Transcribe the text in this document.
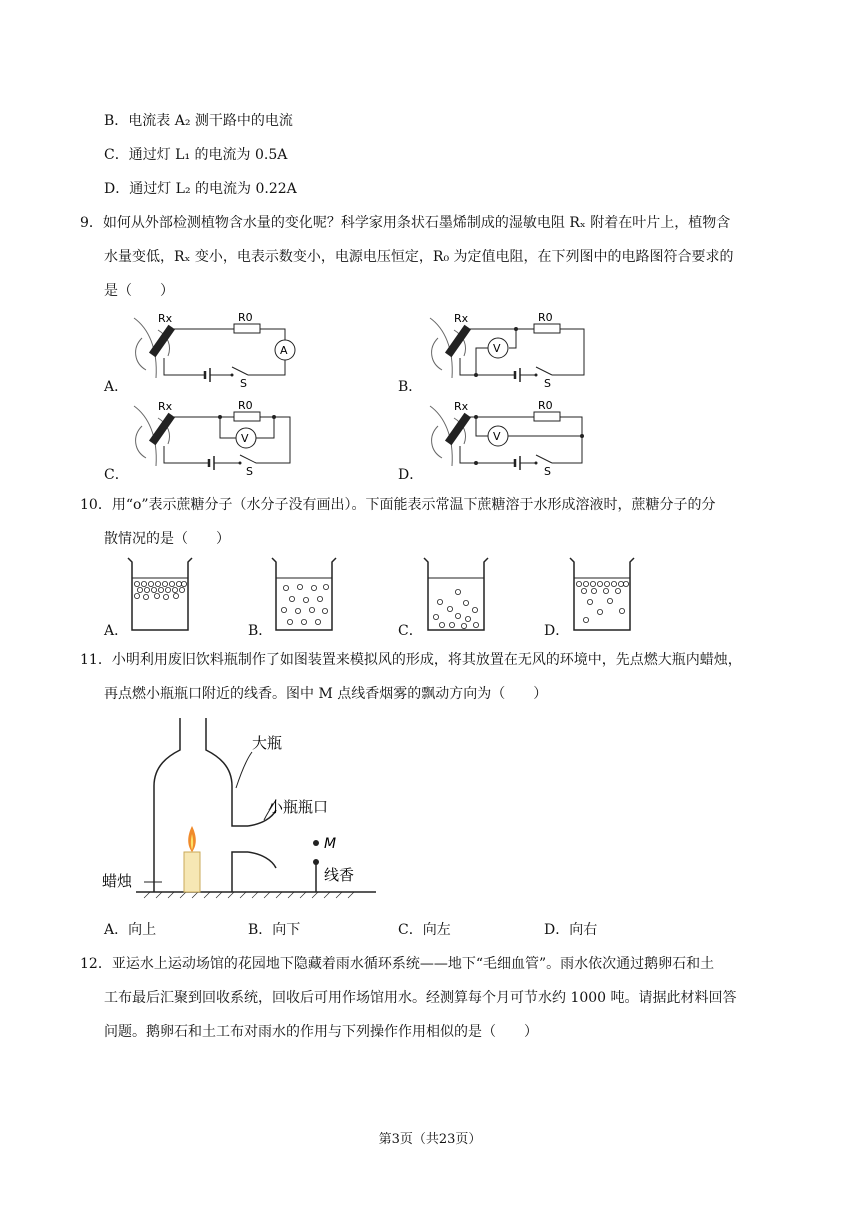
B．电流表 A₂ 测干路中的电流
C．通过灯 L₁ 的电流为 0.5A
D．通过灯 L₂ 的电流为 0.22A
9．如何从外部检测植物含水量的变化呢？科学家用条状石墨烯制成的湿敏电阻 Rₓ 附着在叶片上，植物含
水量变低，Rₓ 变小，电表示数变小，电源电压恒定，R₀ 为定值电阻，在下列图中的电路图符合要求的
是（　　）
A．
Rx	R0
A
S	B．
Rx	R0
V
S
C．
Rx	R0
V
S	D．
Rx	R0
V
S
10．用“o”表示蔗糖分子（水分子没有画出）。下面能表示常温下蔗糖溶于水形成溶液时，蔗糖分子的分
散情况的是（　　）
A．	B．	C．	D．
11．小明利用废旧饮料瓶制作了如图装置来模拟风的形成，将其放置在无风的环境中，先点燃大瓶内蜡烛，
再点燃小瓶瓶口附近的线香。图中 M 点线香烟雾的飘动方向为（　　）
大瓶
小瓶瓶口
M
线香
蜡烛
A．向上	B．向下	C．向左	D．向右
12．亚运水上运动场馆的花园地下隐藏着雨水循环系统——地下“毛细血管”。雨水依次通过鹅卵石和土
工布最后汇聚到回收系统，回收后可用作场馆用水。经测算每个月可节水约 1000 吨。请据此材料回答
问题。鹅卵石和土工布对雨水的作用与下列操作作用相似的是（　　）
第3页（共23页）
